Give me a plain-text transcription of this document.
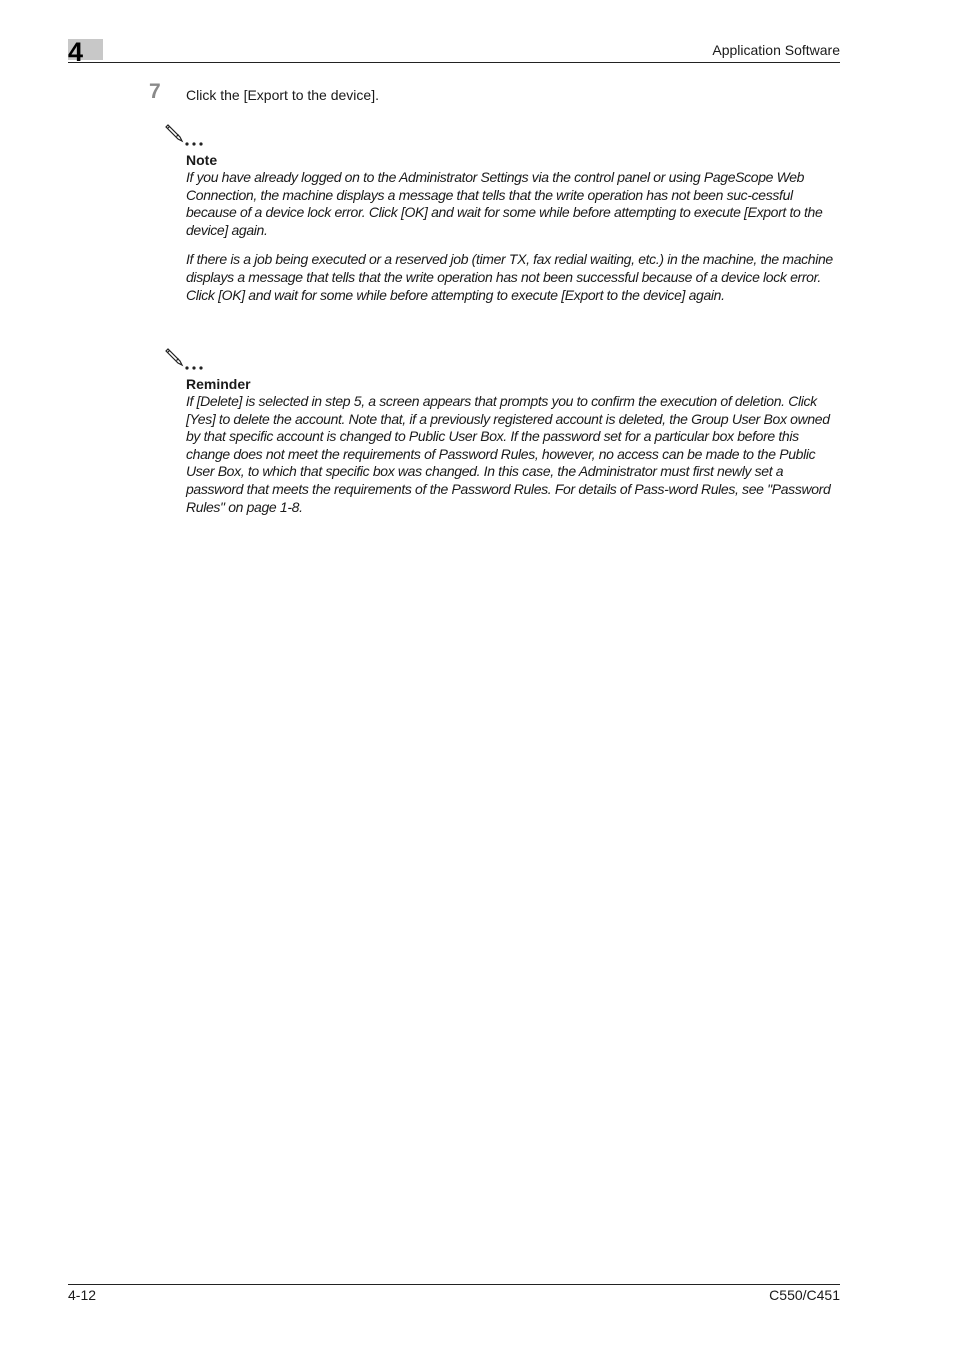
4	Application Software
7 Click the [Export to the device].

Note

If you have already logged on to the Administrator Settings via the control panel or using PageScope Web Connection, the machine displays a message that tells that the write operation has not been suc-cessful because of a device lock error. Click [OK] and wait for some while before attempting to execute [Export to the device] again.

If there is a job being executed or a reserved job (timer TX, fax redial waiting, etc.) in the machine, the machine displays a message that tells that the write operation has not been successful because of a device lock error. Click [OK] and wait for some while before attempting to execute [Export to the device] again.

Reminder

If [Delete] is selected in step 5, a screen appears that prompts you to confirm the execution of deletion. Click [Yes] to delete the account. Note that, if a previously registered account is deleted, the Group User Box owned by that specific account is changed to Public User Box. If the password set for a particular box before this change does not meet the requirements of Password Rules, however, no access can be made to the Public User Box, to which that specific box was changed. In this case, the Administrator must first newly set a password that meets the requirements of the Password Rules. For details of Pass-word Rules, see "Password Rules" on page 1-8.

4-12	C550/C451
